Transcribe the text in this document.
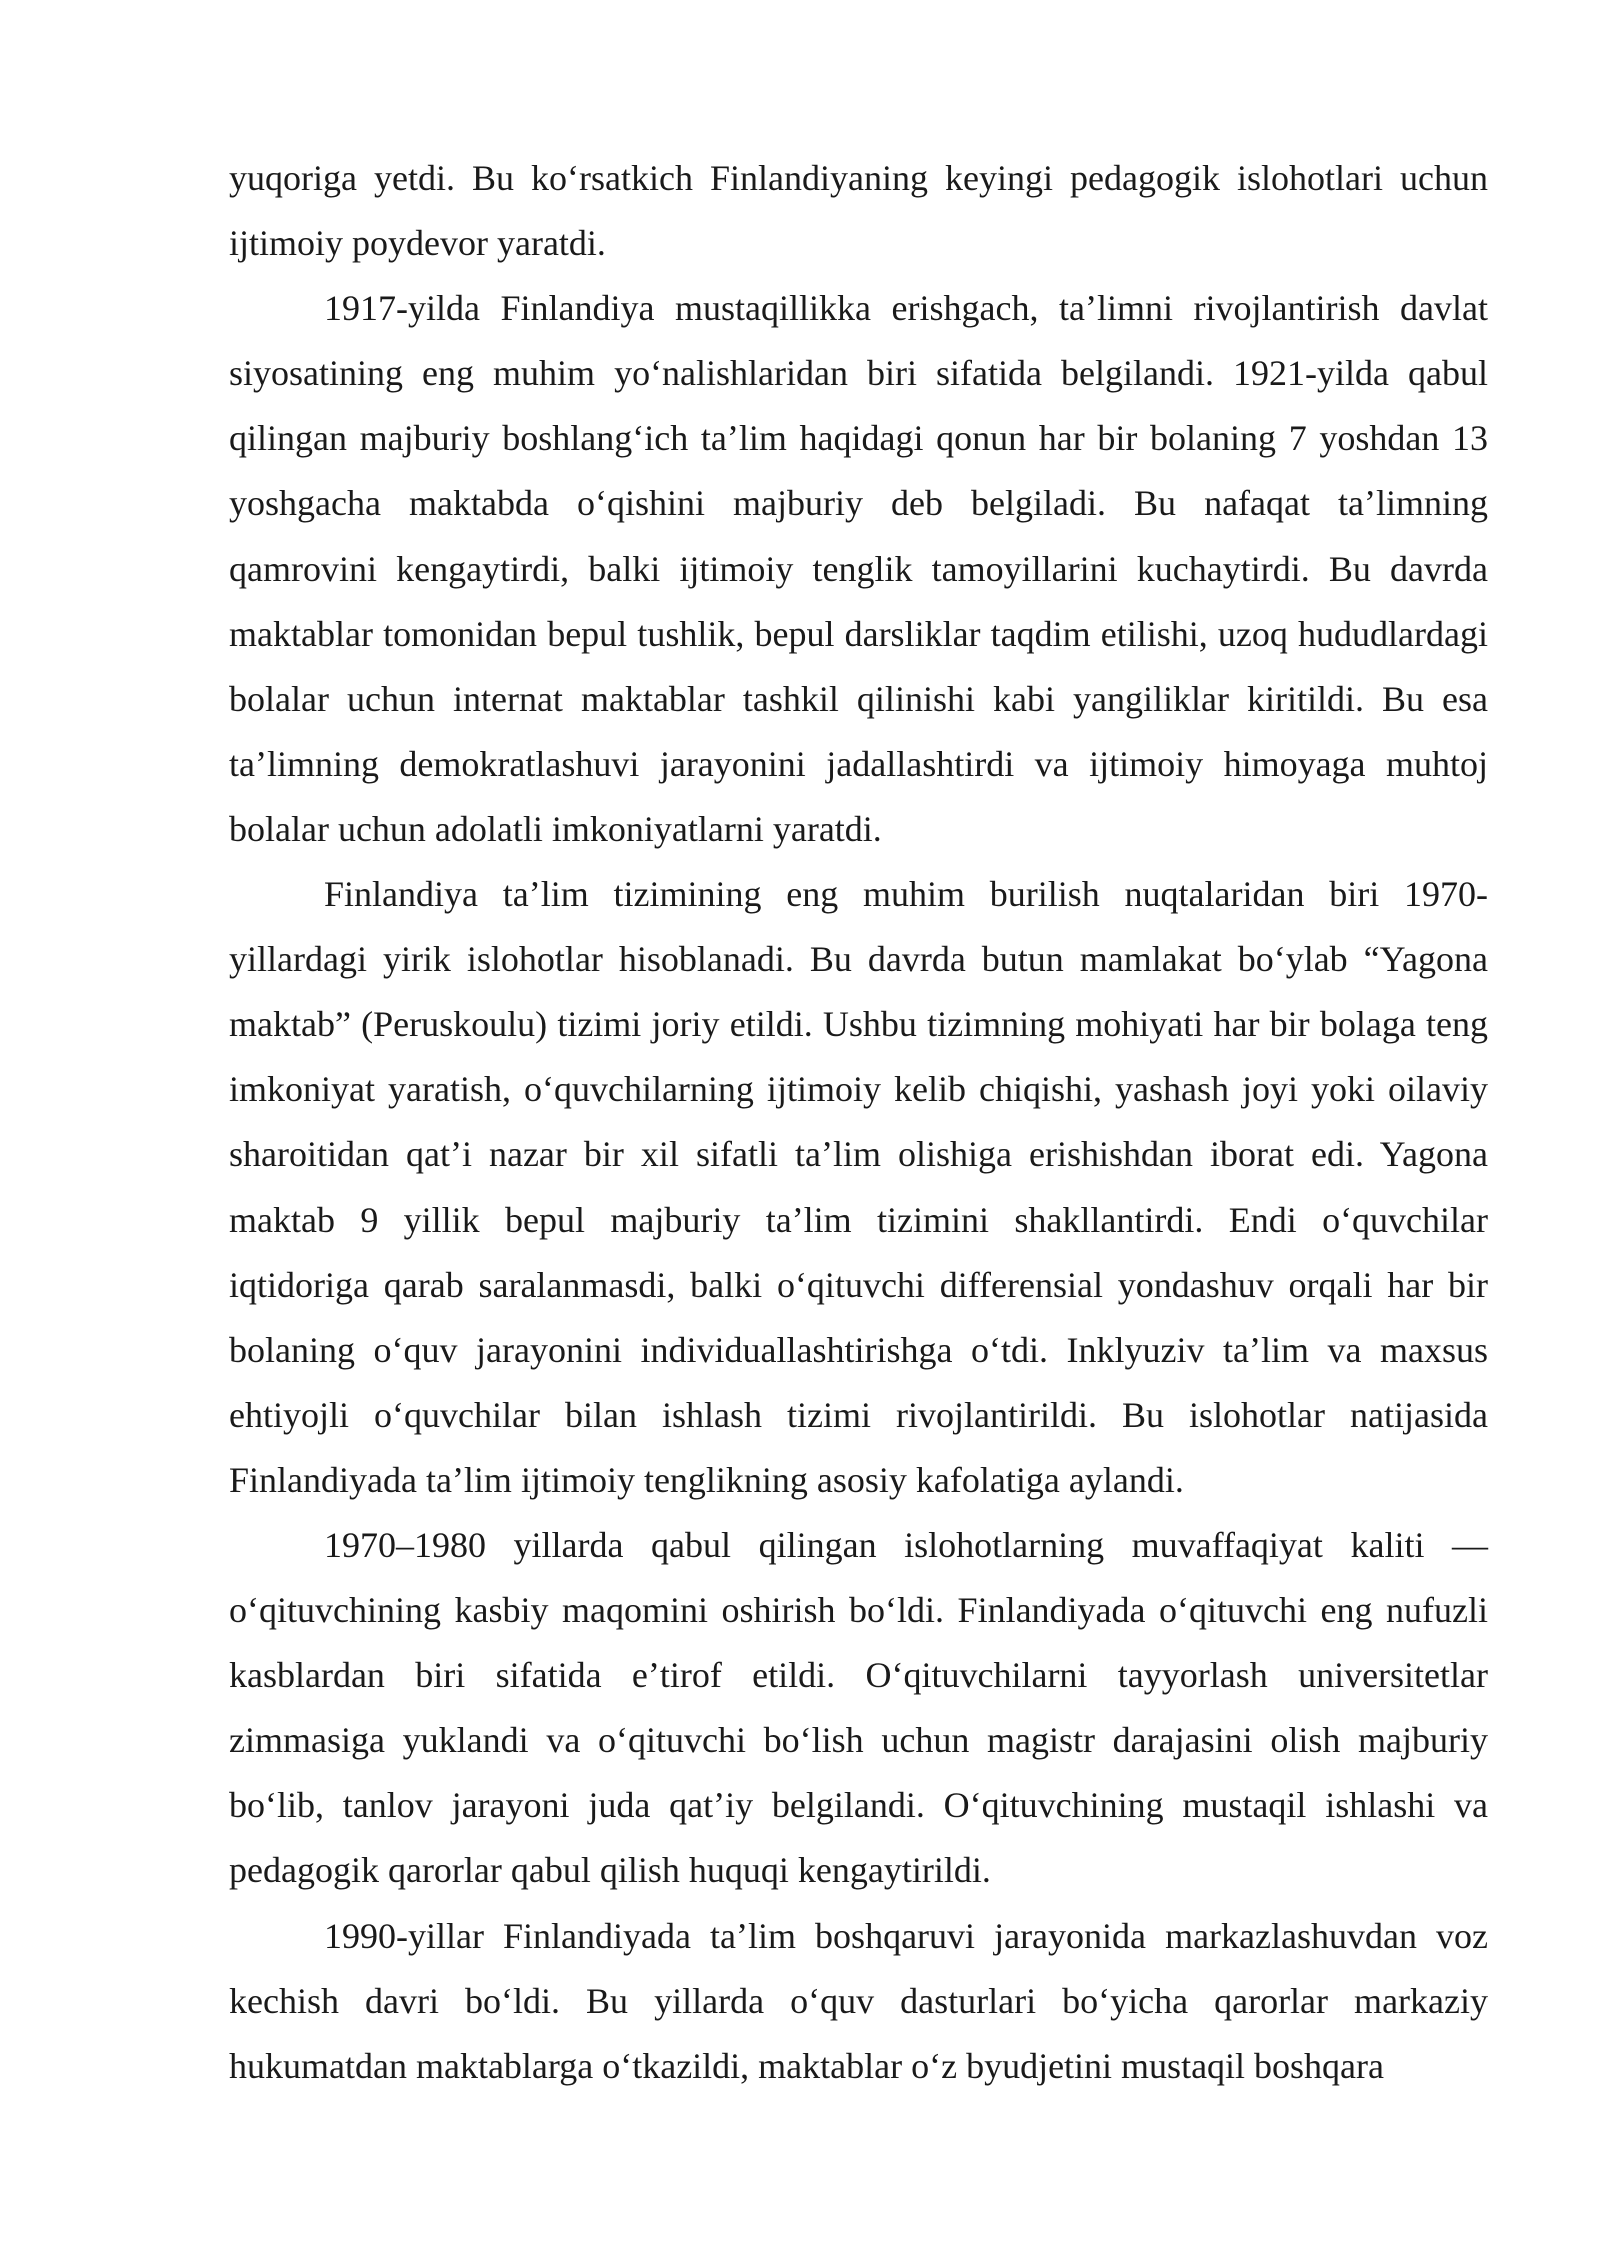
yuqoriga yetdi. Bu koʻrsatkich Finlandiyaning keyingi pedagogik islohotlari uchun ijtimoiy poydevor yaratdi.

1917-yilda Finlandiya mustaqillikka erishgach, taʼlimni rivojlantirish davlat siyosatining eng muhim yoʻnalishlaridan biri sifatida belgilandi. 1921-yilda qabul qilingan majburiy boshlangʻich taʼlim haqidagi qonun har bir bolaning 7 yoshdan 13 yoshgacha maktabda oʻqishini majburiy deb belgiladi. Bu nafaqat taʼlimning qamrovini kengaytirdi, balki ijtimoiy tenglik tamoyillarini kuchaytirdi. Bu davrda maktablar tomonidan bepul tushlik, bepul darsliklar taqdim etilishi, uzoq hududlardagi bolalar uchun internat maktablar tashkil qilinishi kabi yangiliklar kiritildi. Bu esa taʼlimning demokratlashuvi jarayonini jadallashtirdi va ijtimoiy himoyaga muhtoj bolalar uchun adolatli imkoniyatlarni yaratdi.

Finlandiya taʼlim tizimining eng muhim burilish nuqtalaridan biri 1970-yillardagi yirik islohotlar hisoblanadi. Bu davrda butun mamlakat boʻylab “Yagona maktab” (Peruskoulu) tizimi joriy etildi. Ushbu tizimning mohiyati har bir bolaga teng imkoniyat yaratish, oʻquvchilarning ijtimoiy kelib chiqishi, yashash joyi yoki oilaviy sharoitidan qatʼi nazar bir xil sifatli taʼlim olishiga erishishdan iborat edi. Yagona maktab 9 yillik bepul majburiy taʼlim tizimini shakllantirdi. Endi oʻquvchilar iqtidoriga qarab saralanmasdi, balki oʻqituvchi differensial yondashuv orqali har bir bolaning oʻquv jarayonini individuallashtirishga oʻtdi. Inklyuziv taʼlim va maxsus ehtiyojli oʻquvchilar bilan ishlash tizimi rivojlantirildi. Bu islohotlar natijasida Finlandiyada taʼlim ijtimoiy tenglikning asosiy kafolatiga aylandi.

1970–1980 yillarda qabul qilingan islohotlarning muvaffaqiyat kaliti — oʻqituvchining kasbiy maqomini oshirish boʻldi. Finlandiyada oʻqituvchi eng nufuzli kasblardan biri sifatida eʼtirof etildi. Oʻqituvchilarni tayyorlash universitetlar zimmasiga yuklandi va oʻqituvchi boʻlish uchun magistr darajasini olish majburiy boʻlib, tanlov jarayoni juda qatʼiy belgilandi. Oʻqituvchining mustaqil ishlashi va pedagogik qarorlar qabul qilish huquqi kengaytirildi.

1990-yillar Finlandiyada taʼlim boshqaruvi jarayonida markazlashuvdan voz kechish davri boʻldi. Bu yillarda oʻquv dasturlari boʻyicha qarorlar markaziy hukumatdan maktablarga oʻtkazildi, maktablar oʻz byudjetini mustaqil boshqara
